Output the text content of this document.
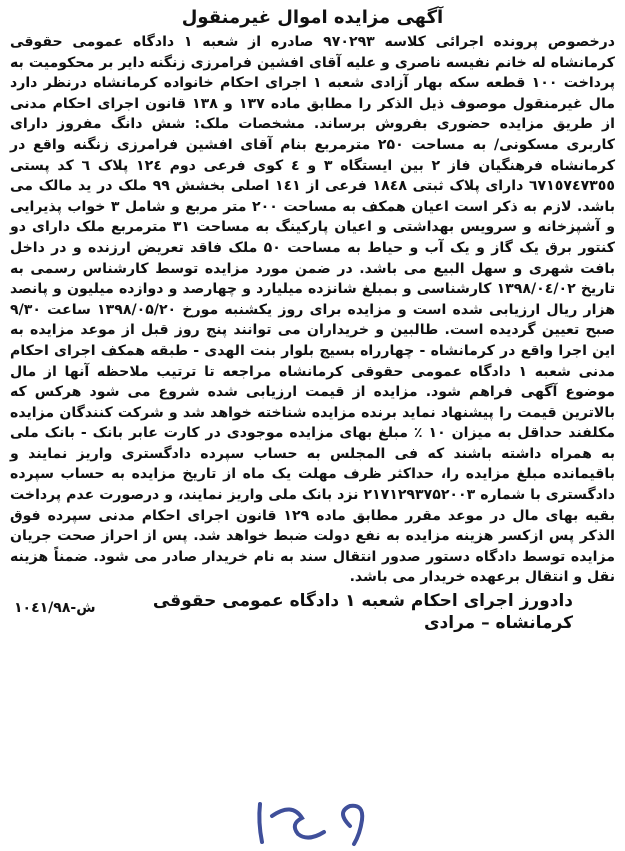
آگهی مزایده اموال غیرمنقول

درخصوص پرونده اجرائی کلاسه ۹۷۰۲۹۳ صادره از شعبه ۱ دادگاه عمومی حقوقی کرمانشاه له خانم نفیسه ناصری و علیه آقای افشین فرامرزی زنگنه دایر بر محکومیت به پرداخت ۱۰۰ قطعه سکه بهار آزادی شعبه ۱ اجرای احکام خانواده کرمانشاه درنظر دارد مال غیرمنقول موصوف ذیل الذکر را مطابق ماده ۱۳۷ و ۱۳۸ قانون اجرای احکام مدنی از طریق مزایده حضوری بفروش برساند. مشخصات ملک: شش دانگ مفروز دارای کاربری مسکونی/ به مساحت ۲۵۰ مترمربع بنام آقای افشین فرامرزی زنگنه واقع در کرمانشاه فرهنگیان فاز ۲ بین ایستگاه ۳ و ٤ کوی فرعی دوم ۱۲٤ پلاک ٦ کد پستی ٦٧١٥٧٤٧٣٥٥ دارای پلاک ثبتی ۱۸٤۸ فرعی از ۱٤۱ اصلی بخشش ۹۹ ملک در ید مالک می باشد. لازم به ذکر است اعیان همکف به مساحت ۲۰۰ متر مربع و شامل ۳ خواب پذیرایی و آشپزخانه و سرویس بهداشتی و اعیان پارکینگ به مساحت ۳۱ مترمربع ملک دارای دو کنتور برق یک گاز و یک آب و حیاط به مساحت ۵۰ ملک فاقد تعریض ارزنده و در داخل بافت شهری و سهل البیع می باشد. در ضمن مورد مزایده توسط کارشناس رسمی به تاریخ ۱۳۹۸/۰٤/۰۲ کارشناسی و بمبلغ شانزده میلیارد و چهارصد و دوازده میلیون و پانصد هزار ریال ارزیابی شده است و مزایده برای روز یکشنبه مورخ ۱۳۹۸/۰۵/۲۰ ساعت ۹/۳۰ صبح تعیین گردیده است. طالبین و خریداران می توانند پنج روز قبل از موعد مزایده به این اجرا واقع در کرمانشاه - چهارراه بسیج بلوار بنت الهدی - طبقه همکف اجرای احکام مدنی شعبه ۱ دادگاه عمومی حقوقی کرمانشاه مراجعه تا ترتیب ملاحظه آنها از مال موضوع آگهی فراهم شود. مزایده از قیمت ارزیابی شده شروع می شود هرکس که بالاترین قیمت را پیشنهاد نماید برنده مزایده شناخته خواهد شد و شرکت کنندگان مزایده مکلفند حداقل به میزان ۱۰ ٪ مبلغ بهای مزایده موجودی در کارت عابر بانک - بانک ملی به همراه داشته باشند که فی المجلس به حساب سپرده دادگستری واریز نمایند و باقیمانده مبلغ مزایده را، حداکثر ظرف مهلت یک ماه از تاریخ مزایده به حساب سپرده دادگستری با شماره ۲۱۷۱۲۹۳۷۵۲۰۰۳ نزد بانک ملی واریز نمایند، و درصورت عدم پرداخت بقیه بهای مال در موعد مقرر مطابق ماده ۱۲۹ قانون اجرای احکام مدنی سپرده فوق الذکر پس ازکسر هزینه مزایده به نفع دولت ضبط خواهد شد. پس از احراز صحت جریان مزایده توسط دادگاه دستور صدور انتقال سند به نام خریدار صادر می شود. ضمناً هزینه نقل و انتقال برعهده خریدار می باشد.

دادورز اجرای احکام شعبه ۱ دادگاه عمومی حقوقی
کرمانشاه – مرادی
۱۰٤۱/۹۸-ش
